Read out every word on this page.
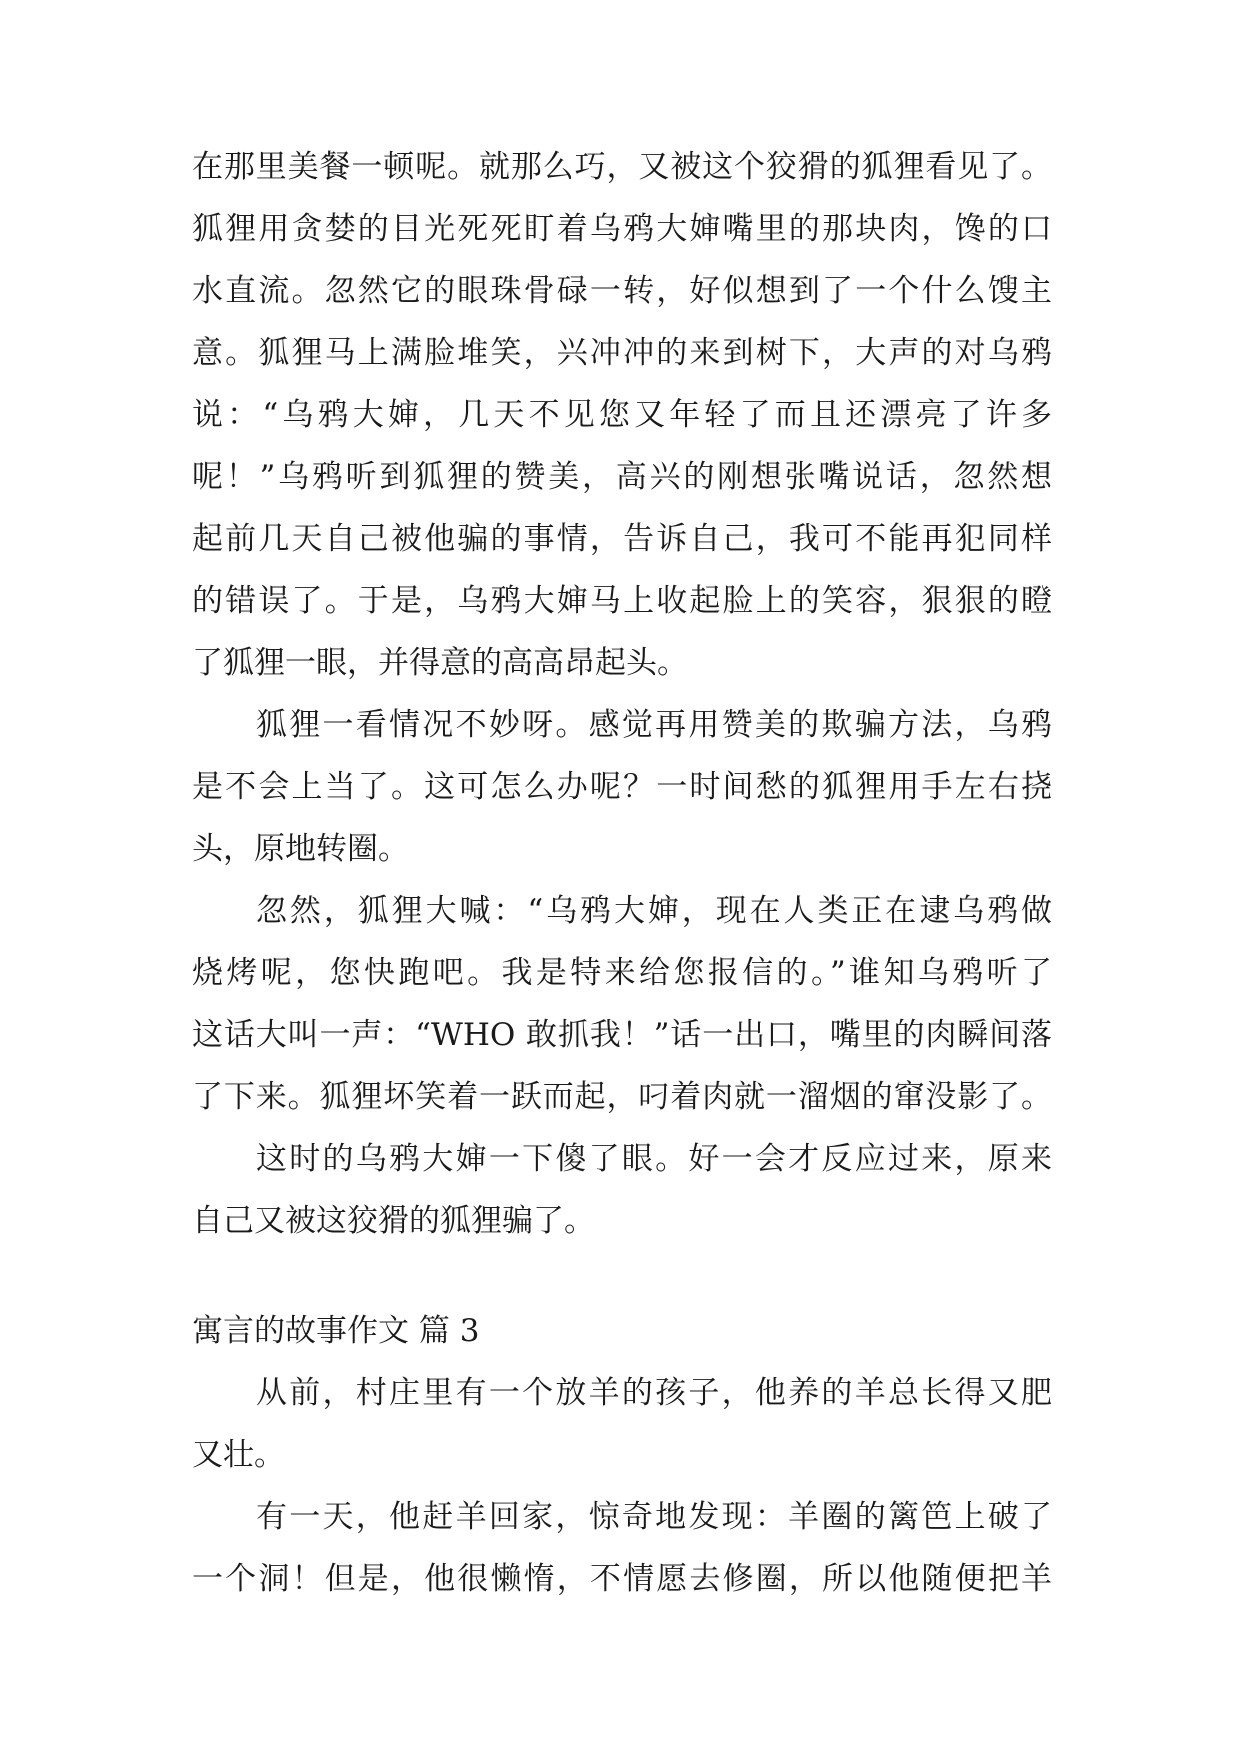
在那里美餐一顿呢。就那么巧，又被这个狡猾的狐狸看见了。
狐狸用贪婪的目光死死盯着乌鸦大婶嘴里的那块肉，馋的口
水直流。忽然它的眼珠骨碌一转，好似想到了一个什么馊主
意。狐狸马上满脸堆笑，兴冲冲的来到树下，大声的对乌鸦
说：“乌鸦大婶，几天不见您又年轻了而且还漂亮了许多
呢！”乌鸦听到狐狸的赞美，高兴的刚想张嘴说话，忽然想
起前几天自己被他骗的事情，告诉自己，我可不能再犯同样
的错误了。于是，乌鸦大婶马上收起脸上的笑容，狠狠的瞪
了狐狸一眼，并得意的高高昂起头。
狐狸一看情况不妙呀。感觉再用赞美的欺骗方法，乌鸦
是不会上当了。这可怎么办呢？一时间愁的狐狸用手左右挠
头，原地转圈。
忽然，狐狸大喊：“乌鸦大婶，现在人类正在逮乌鸦做
烧烤呢，您快跑吧。我是特来给您报信的。”谁知乌鸦听了
这话大叫一声：“WHO 敢抓我！”话一出口，嘴里的肉瞬间落
了下来。狐狸坏笑着一跃而起，叼着肉就一溜烟的窜没影了。
这时的乌鸦大婶一下傻了眼。好一会才反应过来，原来
自己又被这狡猾的狐狸骗了。
寓言的故事作文 篇 3
从前，村庄里有一个放羊的孩子，他养的羊总长得又肥
又壮。
有一天，他赶羊回家，惊奇地发现：羊圈的篱笆上破了
一个洞！但是，他很懒惰，不情愿去修圈，所以他随便把羊
